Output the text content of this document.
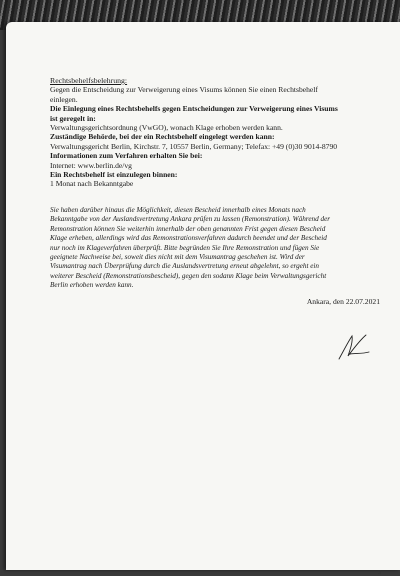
Rechtsbehelfsbelehrung:

Gegen die Entscheidung zur Verweigerung eines Visums können Sie einen Rechtsbehelf

einlegen.

Die Einlegung eines Rechtsbehelfs gegen Entscheidungen zur Verweigerung eines Visums

ist geregelt in:

Verwaltungsgerichtsordnung (VwGO), wonach Klage erhoben werden kann.

Zuständige Behörde, bei der ein Rechtsbehelf eingelegt werden kann:

Verwaltungsgericht Berlin, Kirchstr. 7, 10557 Berlin, Germany; Telefax: +49 (0)30 9014-8790

Informationen zum Verfahren erhalten Sie bei:

Internet: www.berlin.de/vg

Ein Rechtsbehelf ist einzulegen binnen:

1 Monat nach Bekanntgabe

Sie haben darüber hinaus die Möglichkeit, diesen Bescheid innerhalb eines Monats nach

Bekanntgabe von der Auslandsvertretung Ankara prüfen zu lassen (Remonstration). Während der

Remonstration können Sie weiterhin innerhalb der oben genannten Frist gegen diesen Bescheid

Klage erheben, allerdings wird das Remonstrationsverfahren dadurch beendet und der Bescheid

nur noch im Klageverfahren überprüft. Bitte begründen Sie Ihre Remonstration und fügen Sie

geeignete Nachweise bei, soweit dies nicht mit dem Visumantrag geschehen ist. Wird der

Visumantrag nach Überprüfung durch die Auslandsvertretung erneut abgelehnt, so ergeht ein

weiterer Bescheid (Remonstrationsbescheid), gegen den sodann Klage beim Verwaltungsgericht

Berlin erhoben werden kann.

Ankara, den 22.07.2021

3
